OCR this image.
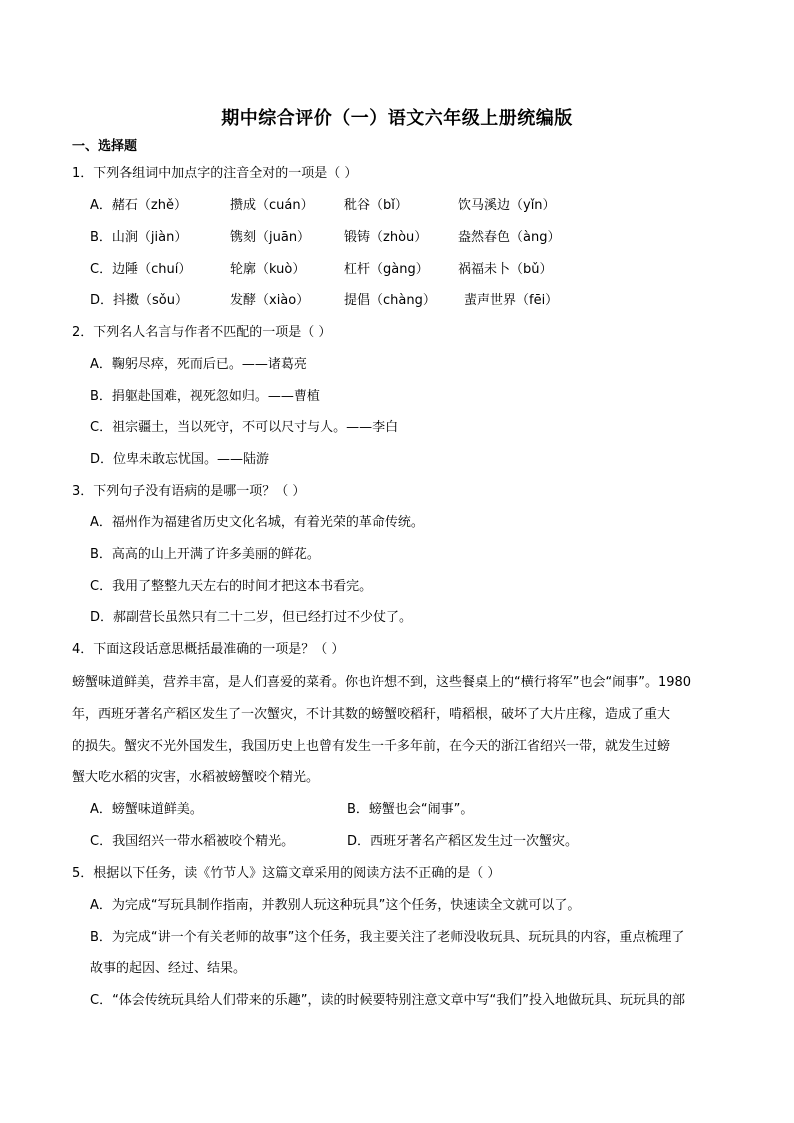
期中综合评价（一）语文六年级上册统编版
一、选择题
1．下列各组词中加点字的注音全对的一项是（ ）
A．赭石（zhě）	攒成（cuán） 秕谷（bǐ）	饮马溪边（yǐn）
B．山涧（jiàn）	镌刻（juān）	锻铸（zhòu） 盎然春色（àng）
C．边陲（chuí）	轮廓（kuò）	杠杆（gàng） 祸福未卜（bǔ）
D．抖擞（sǒu）	发酵（xiào）	提倡（chàng） 蜚声世界（fēi）
2．下列名人名言与作者不匹配的一项是（ ）
A．鞠躬尽瘁，死而后已。——诸葛亮
B．捐躯赴国难，视死忽如归。——曹植
C．祖宗疆土，当以死守，不可以尺寸与人。——李白
D．位卑未敢忘忧国。——陆游
3．下列句子没有语病的是哪一项？（ ）
A．福州作为福建省历史文化名城，有着光荣的革命传统。
B．高高的山上开满了许多美丽的鲜花。
C．我用了整整九天左右的时间才把这本书看完。
D．郝副营长虽然只有二十二岁，但已经打过不少仗了。
4．下面这段话意思概括最准确的一项是？（ ）
螃蟹味道鲜美，营养丰富，是人们喜爱的菜肴。你也许想不到，这些餐桌上的“横行将军”也会“闹事”。1980
年，西班牙著名产稻区发生了一次蟹灾，不计其数的螃蟹咬稻秆，啃稻根，破坏了大片庄稼，造成了重大
的损失。蟹灾不光外国发生，我国历史上也曾有发生一千多年前，在今天的浙江省绍兴一带，就发生过螃
蟹大吃水稻的灾害，水稻被螃蟹咬个精光。
A．螃蟹味道鲜美。	B．螃蟹也会“闹事”。
C．我国绍兴一带水稻被咬个精光。	D．西班牙著名产稻区发生过一次蟹灾。
5．根据以下任务，读《竹节人》这篇文章采用的阅读方法不正确的是（ ）
A．为完成“写玩具制作指南，并教别人玩这种玩具”这个任务，快速读全文就可以了。
B．为完成“讲一个有关老师的故事”这个任务，我主要关注了老师没收玩具、玩玩具的内容，重点梳理了
故事的起因、经过、结果。
C．“体会传统玩具给人们带来的乐趣”，读的时候要特别注意文章中写“我们”投入地做玩具、玩玩具的部
